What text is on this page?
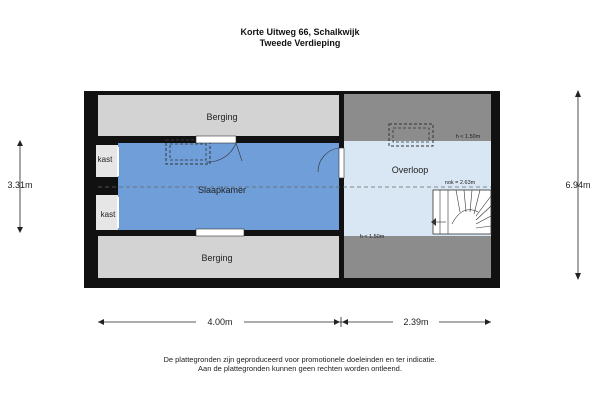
Korte Uitweg 66, Schalkwijk
Tweede Verdieping
Berging
Slaapkamer
Berging
Overloop
kast
kast
h < 1.50m
nok = 2.63m
h < 1.50m
3.31m	6.94m
4.00m	2.39m
De plattegronden zijn geproduceerd voor promotionele doeleinden en ter indicatie.
Aan de plattegronden kunnen geen rechten worden ontleend.
